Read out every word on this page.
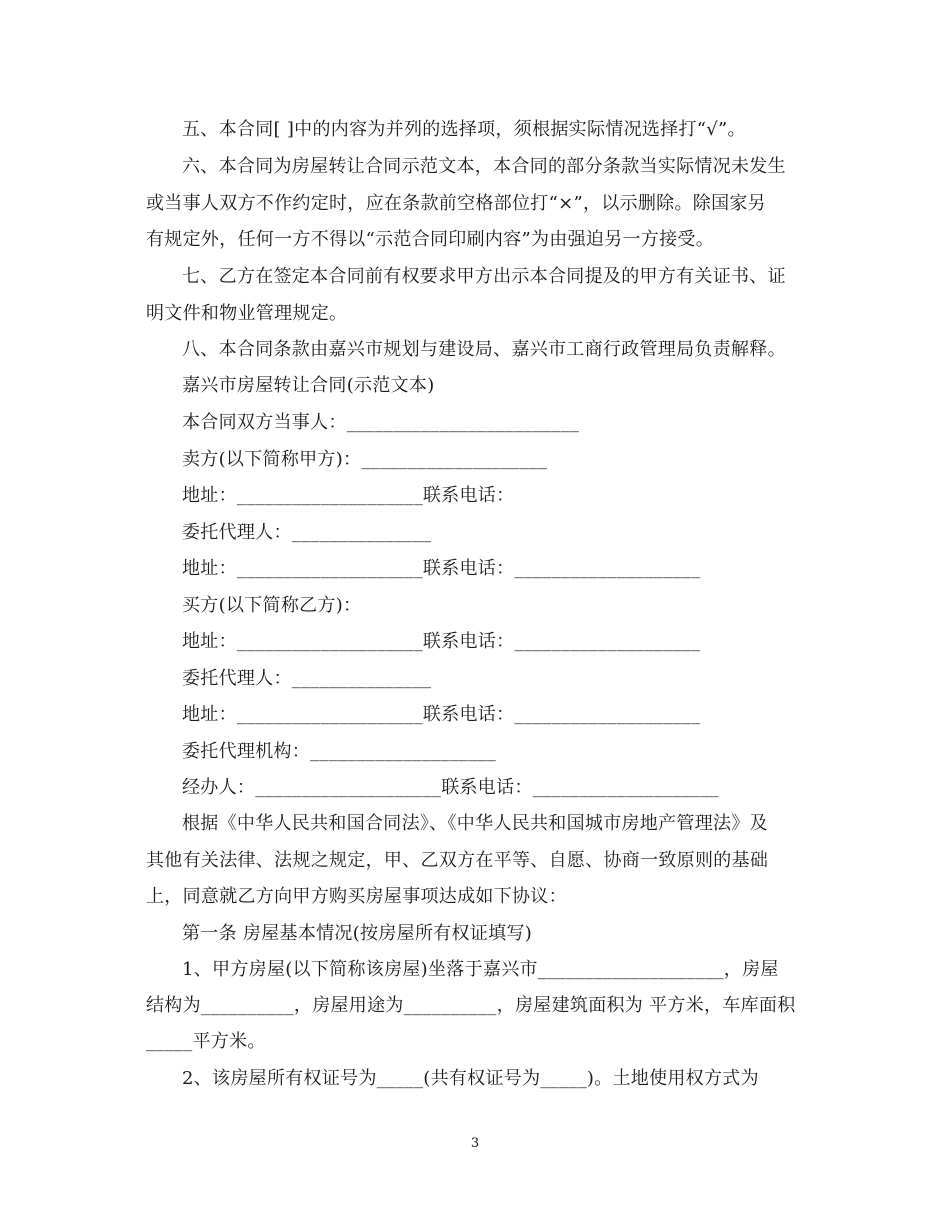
五、本合同[ ]中的内容为并列的选择项，须根据实际情况选择打“√”。
六、本合同为房屋转让合同示范文本，本合同的部分条款当实际情况未发生
或当事人双方不作约定时，应在条款前空格部位打“×”，以示删除。除国家另
有规定外，任何一方不得以“示范合同印刷内容”为由强迫另一方接受。
七、乙方在签定本合同前有权要求甲方出示本合同提及的甲方有关证书、证
明文件和物业管理规定。
八、本合同条款由嘉兴市规划与建设局、嘉兴市工商行政管理局负责解释。
嘉兴市房屋转让合同(示范文本)
本合同双方当事人：_________________________
卖方(以下简称甲方)：____________________
地址：____________________联系电话：
委托代理人：_______________
地址：____________________联系电话：____________________
买方(以下简称乙方)：
地址：____________________联系电话：____________________
委托代理人：_______________
地址：____________________联系电话：____________________
委托代理机构：____________________
经办人：____________________联系电话：____________________
根据《中华人民共和国合同法》、《中华人民共和国城市房地产管理法》及
其他有关法律、法规之规定，甲、乙双方在平等、自愿、协商一致原则的基础
上，同意就乙方向甲方购买房屋事项达成如下协议：
第一条 房屋基本情况(按房屋所有权证填写)
1、甲方房屋(以下简称该房屋)坐落于嘉兴市____________________，房屋
结构为__________，房屋用途为__________，房屋建筑面积为 平方米，车库面积
_____平方米。
2、该房屋所有权证号为_____(共有权证号为_____)。土地使用权方式为
3
